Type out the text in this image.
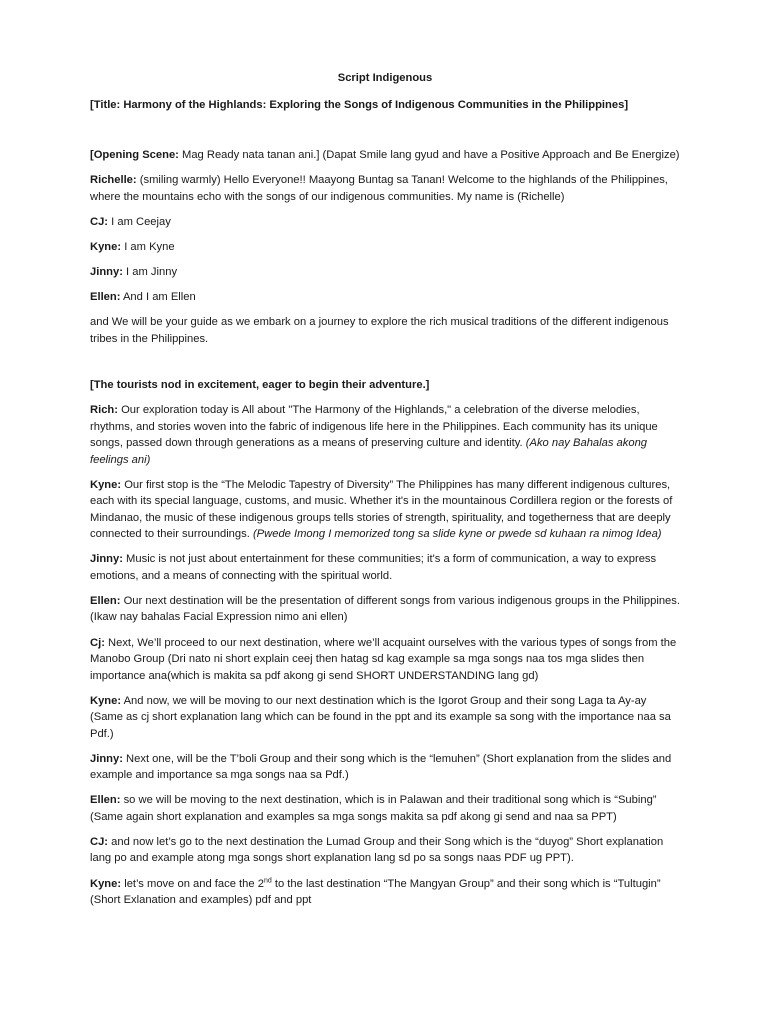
Script Indigenous

[Title: Harmony of the Highlands: Exploring the Songs of Indigenous Communities in the Philippines]

[Opening Scene: Mag Ready nata tanan ani.] (Dapat Smile lang gyud and have a Positive Approach and Be Energize)

Richelle: (smiling warmly) Hello Everyone!! Maayong Buntag sa Tanan! Welcome to the highlands of the Philippines, where the mountains echo with the songs of our indigenous communities. My name is (Richelle)

CJ: I am Ceejay

Kyne: I am Kyne

Jinny: I am Jinny

Ellen: And I am Ellen

and We will be your guide as we embark on a journey to explore the rich musical traditions of the different indigenous tribes in the Philippines.

[The tourists nod in excitement, eager to begin their adventure.]

Rich: Our exploration today is All about "The Harmony of the Highlands," a celebration of the diverse melodies, rhythms, and stories woven into the fabric of indigenous life here in the Philippines. Each community has its unique songs, passed down through generations as a means of preserving culture and identity. (Ako nay Bahalas akong feelings ani)

Kyne: Our first stop is the “The Melodic Tapestry of Diversity” The Philippines has many different indigenous cultures, each with its special language, customs, and music. Whether it's in the mountainous Cordillera region or the forests of Mindanao, the music of these indigenous groups tells stories of strength, spirituality, and togetherness that are deeply connected to their surroundings. (Pwede Imong I memorized tong sa slide kyne or pwede sd kuhaan ra nimog Idea)

Jinny: Music is not just about entertainment for these communities; it's a form of communication, a way to express emotions, and a means of connecting with the spiritual world.

Ellen: Our next destination will be the presentation of different songs from various indigenous groups in the Philippines. (Ikaw nay bahalas Facial Expression nimo ani ellen)

Cj: Next, We’ll proceed to our next destination, where we’ll acquaint ourselves with the various types of songs from the Manobo Group (Dri nato ni short explain ceej then hatag sd kag example sa mga songs naa tos mga slides then importance ana(which is makita sa pdf akong gi send SHORT UNDERSTANDING lang gd)

Kyne: And now, we will be moving to our next destination which is the Igorot Group and their song Laga ta Ay-ay (Same as cj short explanation lang which can be found in the ppt and its example sa song with the importance naa sa Pdf.)

Jinny: Next one, will be the T’boli Group and their song which is the “lemuhen” (Short explanation from the slides and example and importance sa mga songs naa sa Pdf.)

Ellen: so we will be moving to the next destination, which is in Palawan and their traditional song which is “Subing” (Same again short explanation and examples sa mga songs makita sa pdf akong gi send and naa sa PPT)

CJ: and now let’s go to the next destination the Lumad Group and their Song which is the “duyog” Short explanation lang po and example atong mga songs short explanation lang sd po sa songs naas PDF ug PPT).

Kyne: let’s move on and face the 2nd to the last destination “The Mangyan Group” and their song which is “Tultugin” (Short Exlanation and examples) pdf and ppt
